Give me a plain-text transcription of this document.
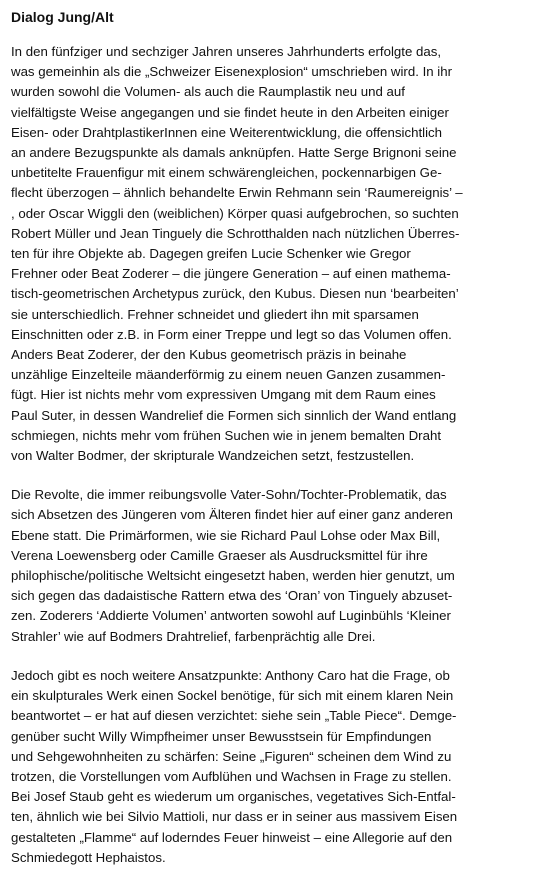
Dialog Jung/Alt
In den fünfziger und sechziger Jahren unseres Jahrhunderts erfolgte das,
was gemeinhin als die „Schweizer Eisenexplosion“ umschrieben wird. In ihr
wurden sowohl die Volumen- als auch die Raumplastik neu und auf
vielfältigste Weise angegangen und sie findet heute in den Arbeiten einiger
Eisen- oder DrahtplastikerInnen eine Weiterentwicklung, die offensichtlich
an andere Bezugspunkte als damals anknüpfen. Hatte Serge Brignoni seine
unbetitelte Frauenfigur mit einem schwärengleichen, pockennarbigen Ge-
flecht überzogen – ähnlich behandelte Erwin Rehmann sein ‘Raumereignis’ –
, oder Oscar Wiggli den (weiblichen) Körper quasi aufgebrochen, so suchten
Robert Müller und Jean Tinguely die Schrotthalden nach nützlichen Überres-
ten für ihre Objekte ab. Dagegen greifen Lucie Schenker wie Gregor
Frehner oder Beat Zoderer – die jüngere Generation – auf einen mathema-
tisch-geometrischen Archetypus zurück, den Kubus. Diesen nun ‘bearbeiten’
sie unterschiedlich. Frehner schneidet und gliedert ihn mit sparsamen
Einschnitten oder z.B. in Form einer Treppe und legt so das Volumen offen.
Anders Beat Zoderer, der den Kubus geometrisch präzis in beinahe
unzählige Einzelteile mäanderförmig zu einem neuen Ganzen zusammen-
fügt. Hier ist nichts mehr vom expressiven Umgang mit dem Raum eines
Paul Suter, in dessen Wandrelief die Formen sich sinnlich der Wand entlang
schmiegen, nichts mehr vom frühen Suchen wie in jenem bemalten Draht
von Walter Bodmer, der skripturale Wandzeichen setzt, festzustellen.
Die Revolte, die immer reibungsvolle Vater-Sohn/Tochter-Problematik, das
sich Absetzen des Jüngeren vom Älteren findet hier auf einer ganz anderen
Ebene statt. Die Primärformen, wie sie Richard Paul Lohse oder Max Bill,
Verena Loewensberg oder Camille Graeser als Ausdrucksmittel für ihre
philophische/politische Weltsicht eingesetzt haben, werden hier genutzt, um
sich gegen das dadaistische Rattern etwa des ‘Oran’ von Tinguely abzuset-
zen. Zoderers ‘Addierte Volumen’ antworten sowohl auf Luginbühls ‘Kleiner
Strahler’ wie auf Bodmers Drahtrelief, farbenprächtig alle Drei.
Jedoch gibt es noch weitere Ansatzpunkte: Anthony Caro hat die Frage, ob
ein skulpturales Werk einen Sockel benötige, für sich mit einem klaren Nein
beantwortet – er hat auf diesen verzichtet: siehe sein „Table Piece“. Demge-
genüber sucht Willy Wimpfheimer unser Bewusstsein für Empfindungen
und Sehgewohnheiten zu schärfen: Seine „Figuren“ scheinen dem Wind zu
trotzen, die Vorstellungen vom Aufblühen und Wachsen in Frage zu stellen.
Bei Josef Staub geht es wiederum um organisches, vegetatives Sich-Entfal-
ten, ähnlich wie bei Silvio Mattioli, nur dass er in seiner aus massivem Eisen
gestalteten „Flamme“ auf loderndes Feuer hinweist – eine Allegorie auf den
Schmiedegott Hephaistos.
